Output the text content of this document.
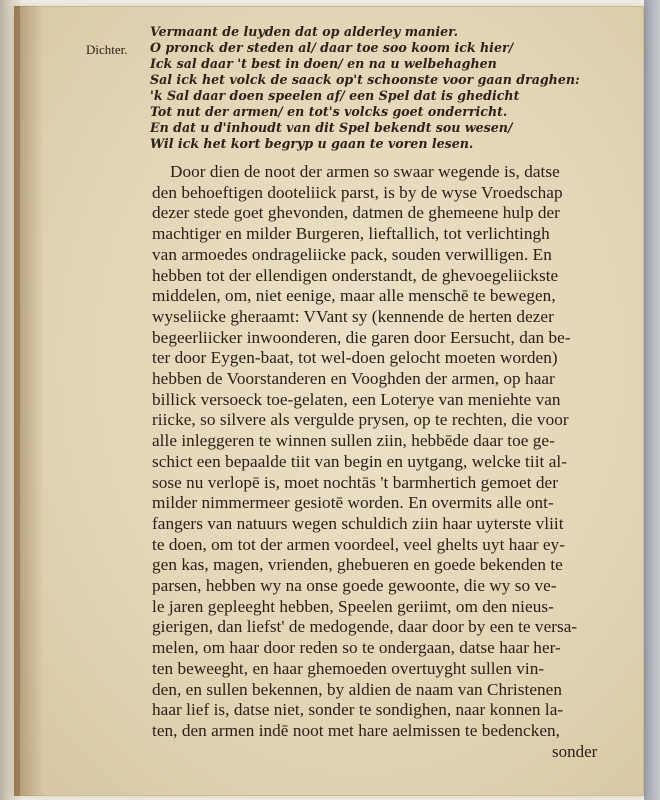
Dichter.
Vermaant de luyden dat op alderley manier.
O pronck der steden al/ daar toe soo koom ick hier/
Ick sal daar 't best in doen/ en na u welbehaghen
Sal ick het volck de saack op't schoonste voor gaan draghen:
'k Sal daar doen speelen af/ een Spel dat is ghedicht
Tot nut der armen/ en tot's volcks goet onderricht.
En dat u d'inhoudt van dit Spel bekendt sou wesen/
Wil ick het kort begryp u gaan te voren lesen.
Door dien de noot der armen so swaar wegende is, datse
den behoeftigen dooteliick parst, is by de wyse Vroedschap
dezer stede goet ghevonden, datmen de ghemeene hulp der
machtiger en milder Burgeren, lieftallich, tot verlichtingh
van armoedes ondrageliicke pack, souden verwilligen. En
hebben tot der ellendigen onderstandt, de ghevoegeliickste
middelen, om, niet eenige, maar alle menschē te bewegen,
wyseliicke gheraamt: VVant sy (kennende de herten dezer
begeerliicker inwoonderen, die garen door Eersucht, dan be-
ter door Eygen-baat, tot wel-doen gelocht moeten worden)
hebben de Voorstanderen en Vooghden der armen, op haar
billick versoeck toe-gelaten, een Loterye van meniehte van
riicke, so silvere als vergulde prysen, op te rechten, die voor
alle inleggeren te winnen sullen ziin, hebbēde daar toe ge-
schict een bepaalde tiit van begin en uytgang, welcke tiit al-
sose nu verlopē is, moet nochtās 't barmhertich gemoet der
milder nimmermeer gesiotē worden. En overmits alle ont-
fangers van natuurs wegen schuldich ziin haar uyterste vliit
te doen, om tot der armen voordeel, veel ghelts uyt haar ey-
gen kas, magen, vrienden, ghebueren en goede bekenden te
parsen, hebben wy na onse goede gewoonte, die wy so ve-
le jaren gepleeght hebben, Speelen geriimt, om den nieus-
gierigen, dan liefst' de medogende, daar door by een te versa-
melen, om haar door reden so te ondergaan, datse haar her-
ten beweeght, en haar ghemoeden overtuyght sullen vin-
den, en sullen bekennen, by aldien de naam van Christenen
haar lief is, datse niet, sonder te sondighen, naar konnen la-
ten, den armen indē noot met hare aelmissen te bedencken,
sonder
